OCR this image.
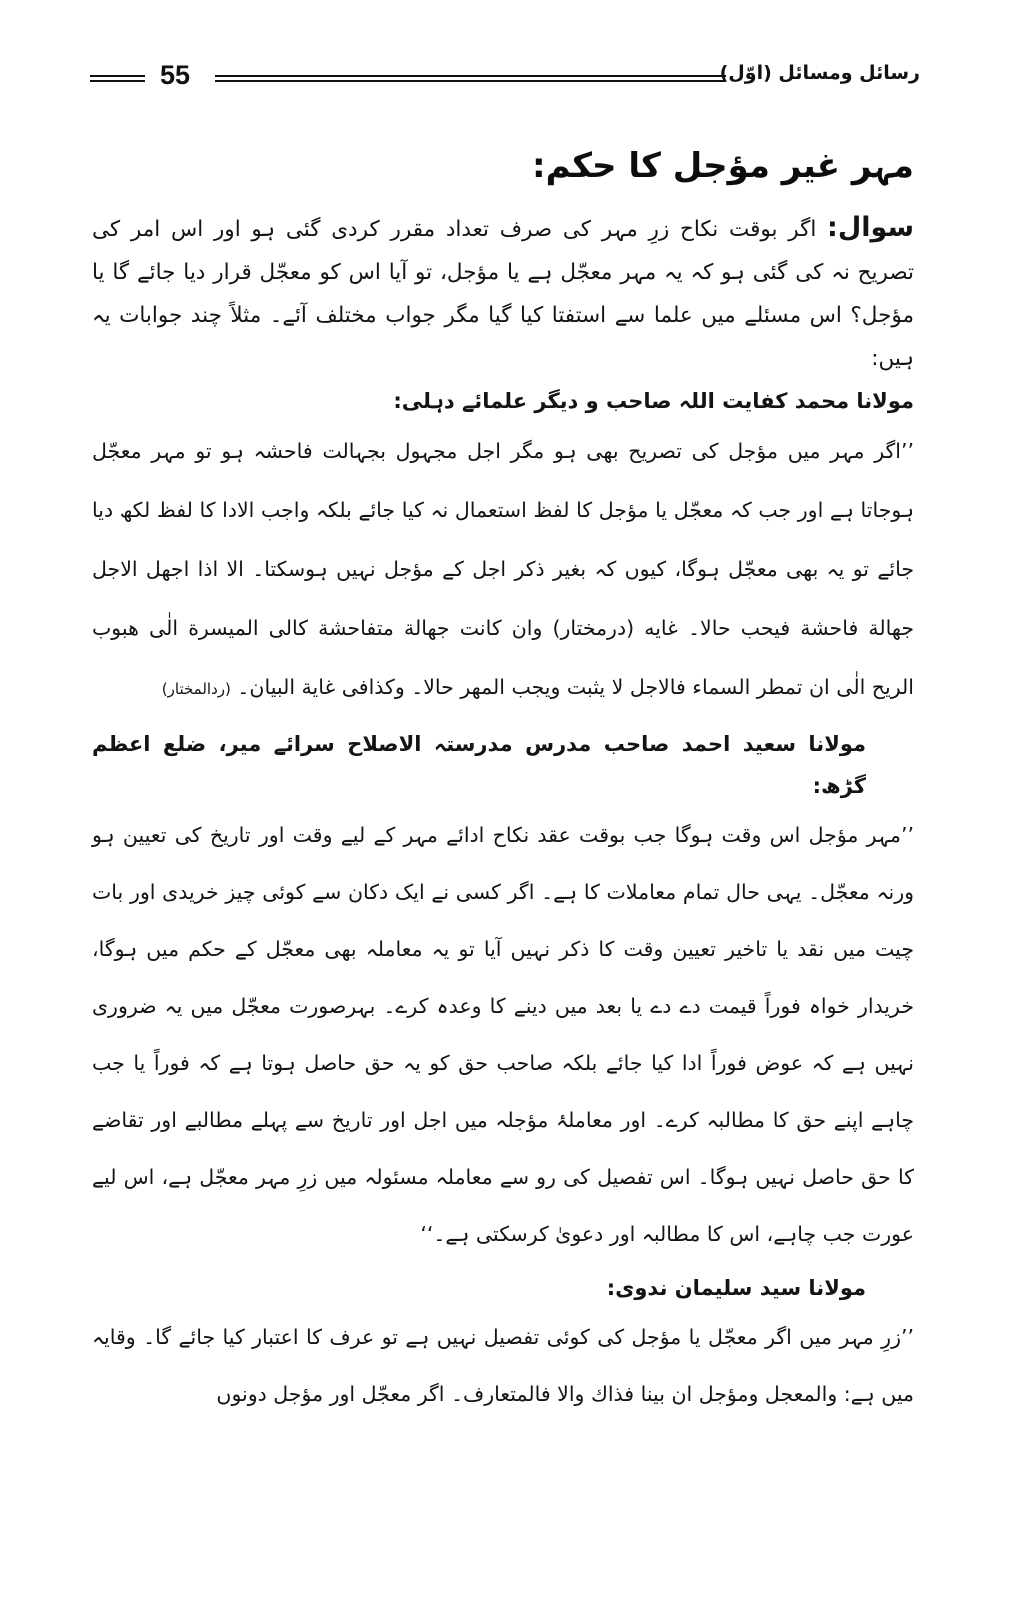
55	رسائل ومسائل (اوّل)
مہر غیر مؤجل کا حکم:

سوال: اگر بوقت نکاح زرِ مہر کی صرف تعداد مقرر کردی گئی ہو اور اس امر کی تصریح نہ کی گئی ہو کہ یہ مہر معجّل ہے یا مؤجل، تو آیا اس کو معجّل قرار دیا جائے گا یا مؤجل؟ اس مسئلے میں علما سے استفتا کیا گیا مگر جواب مختلف آئے۔ مثلاً چند جوابات یہ ہیں:

مولانا محمد کفایت اللہ صاحب و دیگر علمائے دہلی:

’’اگر مہر میں مؤجل کی تصریح بھی ہو مگر اجل مجہول بجہالت فاحشہ ہو تو مہر معجّل ہوجاتا ہے اور جب کہ معجّل یا مؤجل کا لفظ استعمال نہ کیا جائے بلکہ واجب الادا کا لفظ لکھ دیا جائے تو یہ بھی معجّل ہوگا، کیوں کہ بغیر ذکر اجل کے مؤجل نہیں ہوسکتا۔ الا اذا اجھل الاجل جھالة فاحشة فیحب حالا۔ غایه (درمختار) وان کانت جھالة متفاحشة کالی المیسرة الٰی ھبوب الریح الٰی ان تمطر السماء فالاجل لا یثبت ویجب المھر حالا۔ وکذافی غایة البیان۔ (ردالمختار)

مولانا سعید احمد صاحب مدرس مدرستہ الاصلاح سرائے میر، ضلع اعظم گڑھ:

’’مہر مؤجل اس وقت ہوگا جب بوقت عقد نکاح ادائے مہر کے لیے وقت اور تاریخ کی تعیین ہو ورنہ معجّل۔ یہی حال تمام معاملات کا ہے۔ اگر کسی نے ایک دکان سے کوئی چیز خریدی اور بات چیت میں نقد یا تاخیر تعیین وقت کا ذکر نہیں آیا تو یہ معاملہ بھی معجّل کے حکم میں ہوگا، خریدار خواہ فوراً قیمت دے دے یا بعد میں دینے کا وعدہ کرے۔ بہرصورت معجّل میں یہ ضروری نہیں ہے کہ عوض فوراً ادا کیا جائے بلکہ صاحب حق کو یہ حق حاصل ہوتا ہے کہ فوراً یا جب چاہے اپنے حق کا مطالبہ کرے۔ اور معاملۂ مؤجلہ میں اجل اور تاریخ سے پہلے مطالبے اور تقاضے کا حق حاصل نہیں ہوگا۔ اس تفصیل کی رو سے معاملہ مسئولہ میں زرِ مہر معجّل ہے، اس لیے عورت جب چاہے، اس کا مطالبہ اور دعویٰ کرسکتی ہے۔‘‘

مولانا سید سلیمان ندوی:

’’زرِ مہر میں اگر معجّل یا مؤجل کی کوئی تفصیل نہیں ہے تو عرف کا اعتبار کیا جائے گا۔ وقایہ میں ہے: والمعجل ومؤجل ان بینا فذاك والا فالمتعارف۔ اگر معجّل اور مؤجل دونوں
